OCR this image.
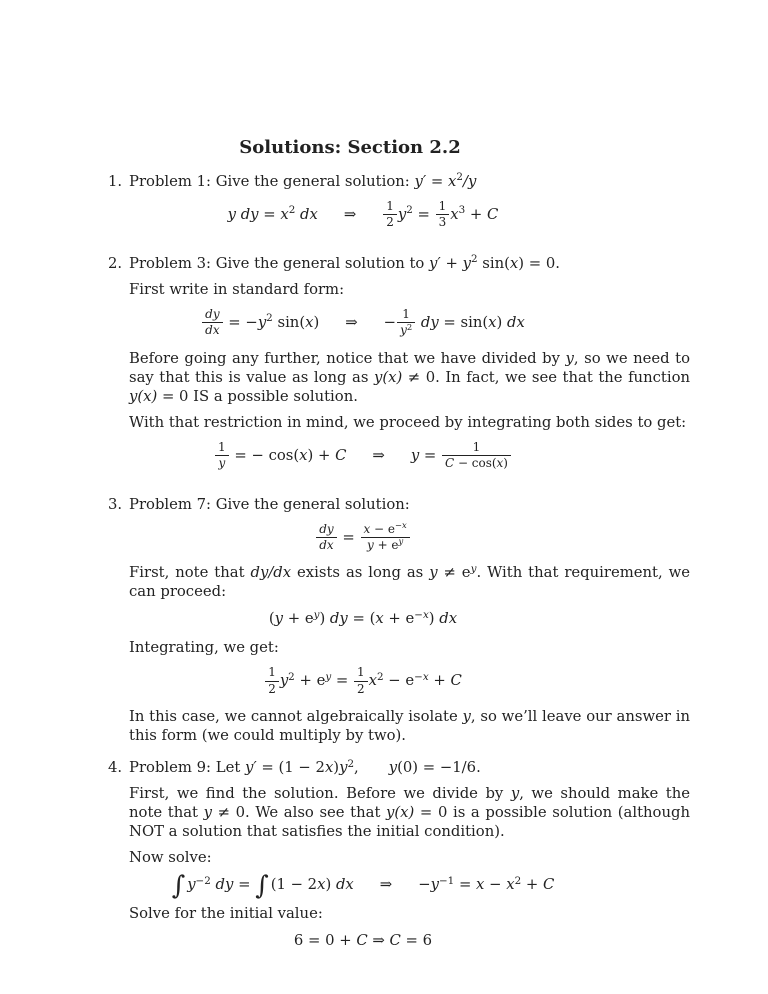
Solutions: Section 2.2
1. Problem 1: Give the general solution: $y' = x^2/y$

y dy = $x^2$ dx ⇒ $\frac{1}{2} y^2 = \frac{1}{3} x^3 + C$
2. Problem 3: Give the general solution to $y' + y^2$ sin(x) = 0.

First write in standard form:

$\frac{dy}{dx} = -y^2$ sin(x) ⇒ − $\frac{1}{y^2}$ dy = sin(x) dx

Before going any further, notice that we have divided by y, so we need to say that this is value as long as y(x) ≠ 0. In fact, we see that the function y(x) = 0 IS a possible solution.

With that restriction in mind, we proceed by integrating both sides to get:

$\frac{1}{y}$ = − cos(x) + C ⇒ $y = \frac{1}{C - \cos(x)}$
3. Problem 7: Give the general solution:

$\frac{dy}{dx} = \frac{x - e^{-x}}{y + e^y}$

First, note that dy/dx exists as long as $y \ne e^y$. With that requirement, we can proceed:

$(y + e^y)$ dy = $(x + e^{-x})$ dx

Integrating, we get:

$\frac{1}{2} y^2 + e^y = \frac{1}{2} x^2 - e^{-x} + C$

In this case, we cannot algebraically isolate y, so we’ll leave our answer in this form (we could multiply by two).

4. Problem 9: Let $y' = (1 - 2x)y^2$, y(0) = −1/6.

First, we find the solution. Before we divide by y, we should make the note that y ≠ 0. We also see that y(x) = 0 is a possible solution (although NOT a solution that satisfies the initial condition).

Now solve:

∫ $y^{-2}$ dy = ∫ (1 − 2x) dx ⇒ $-y^{-1} = x - x^2 + C$

Solve for the initial value:

6 = 0 + C ⇒ C = 6
